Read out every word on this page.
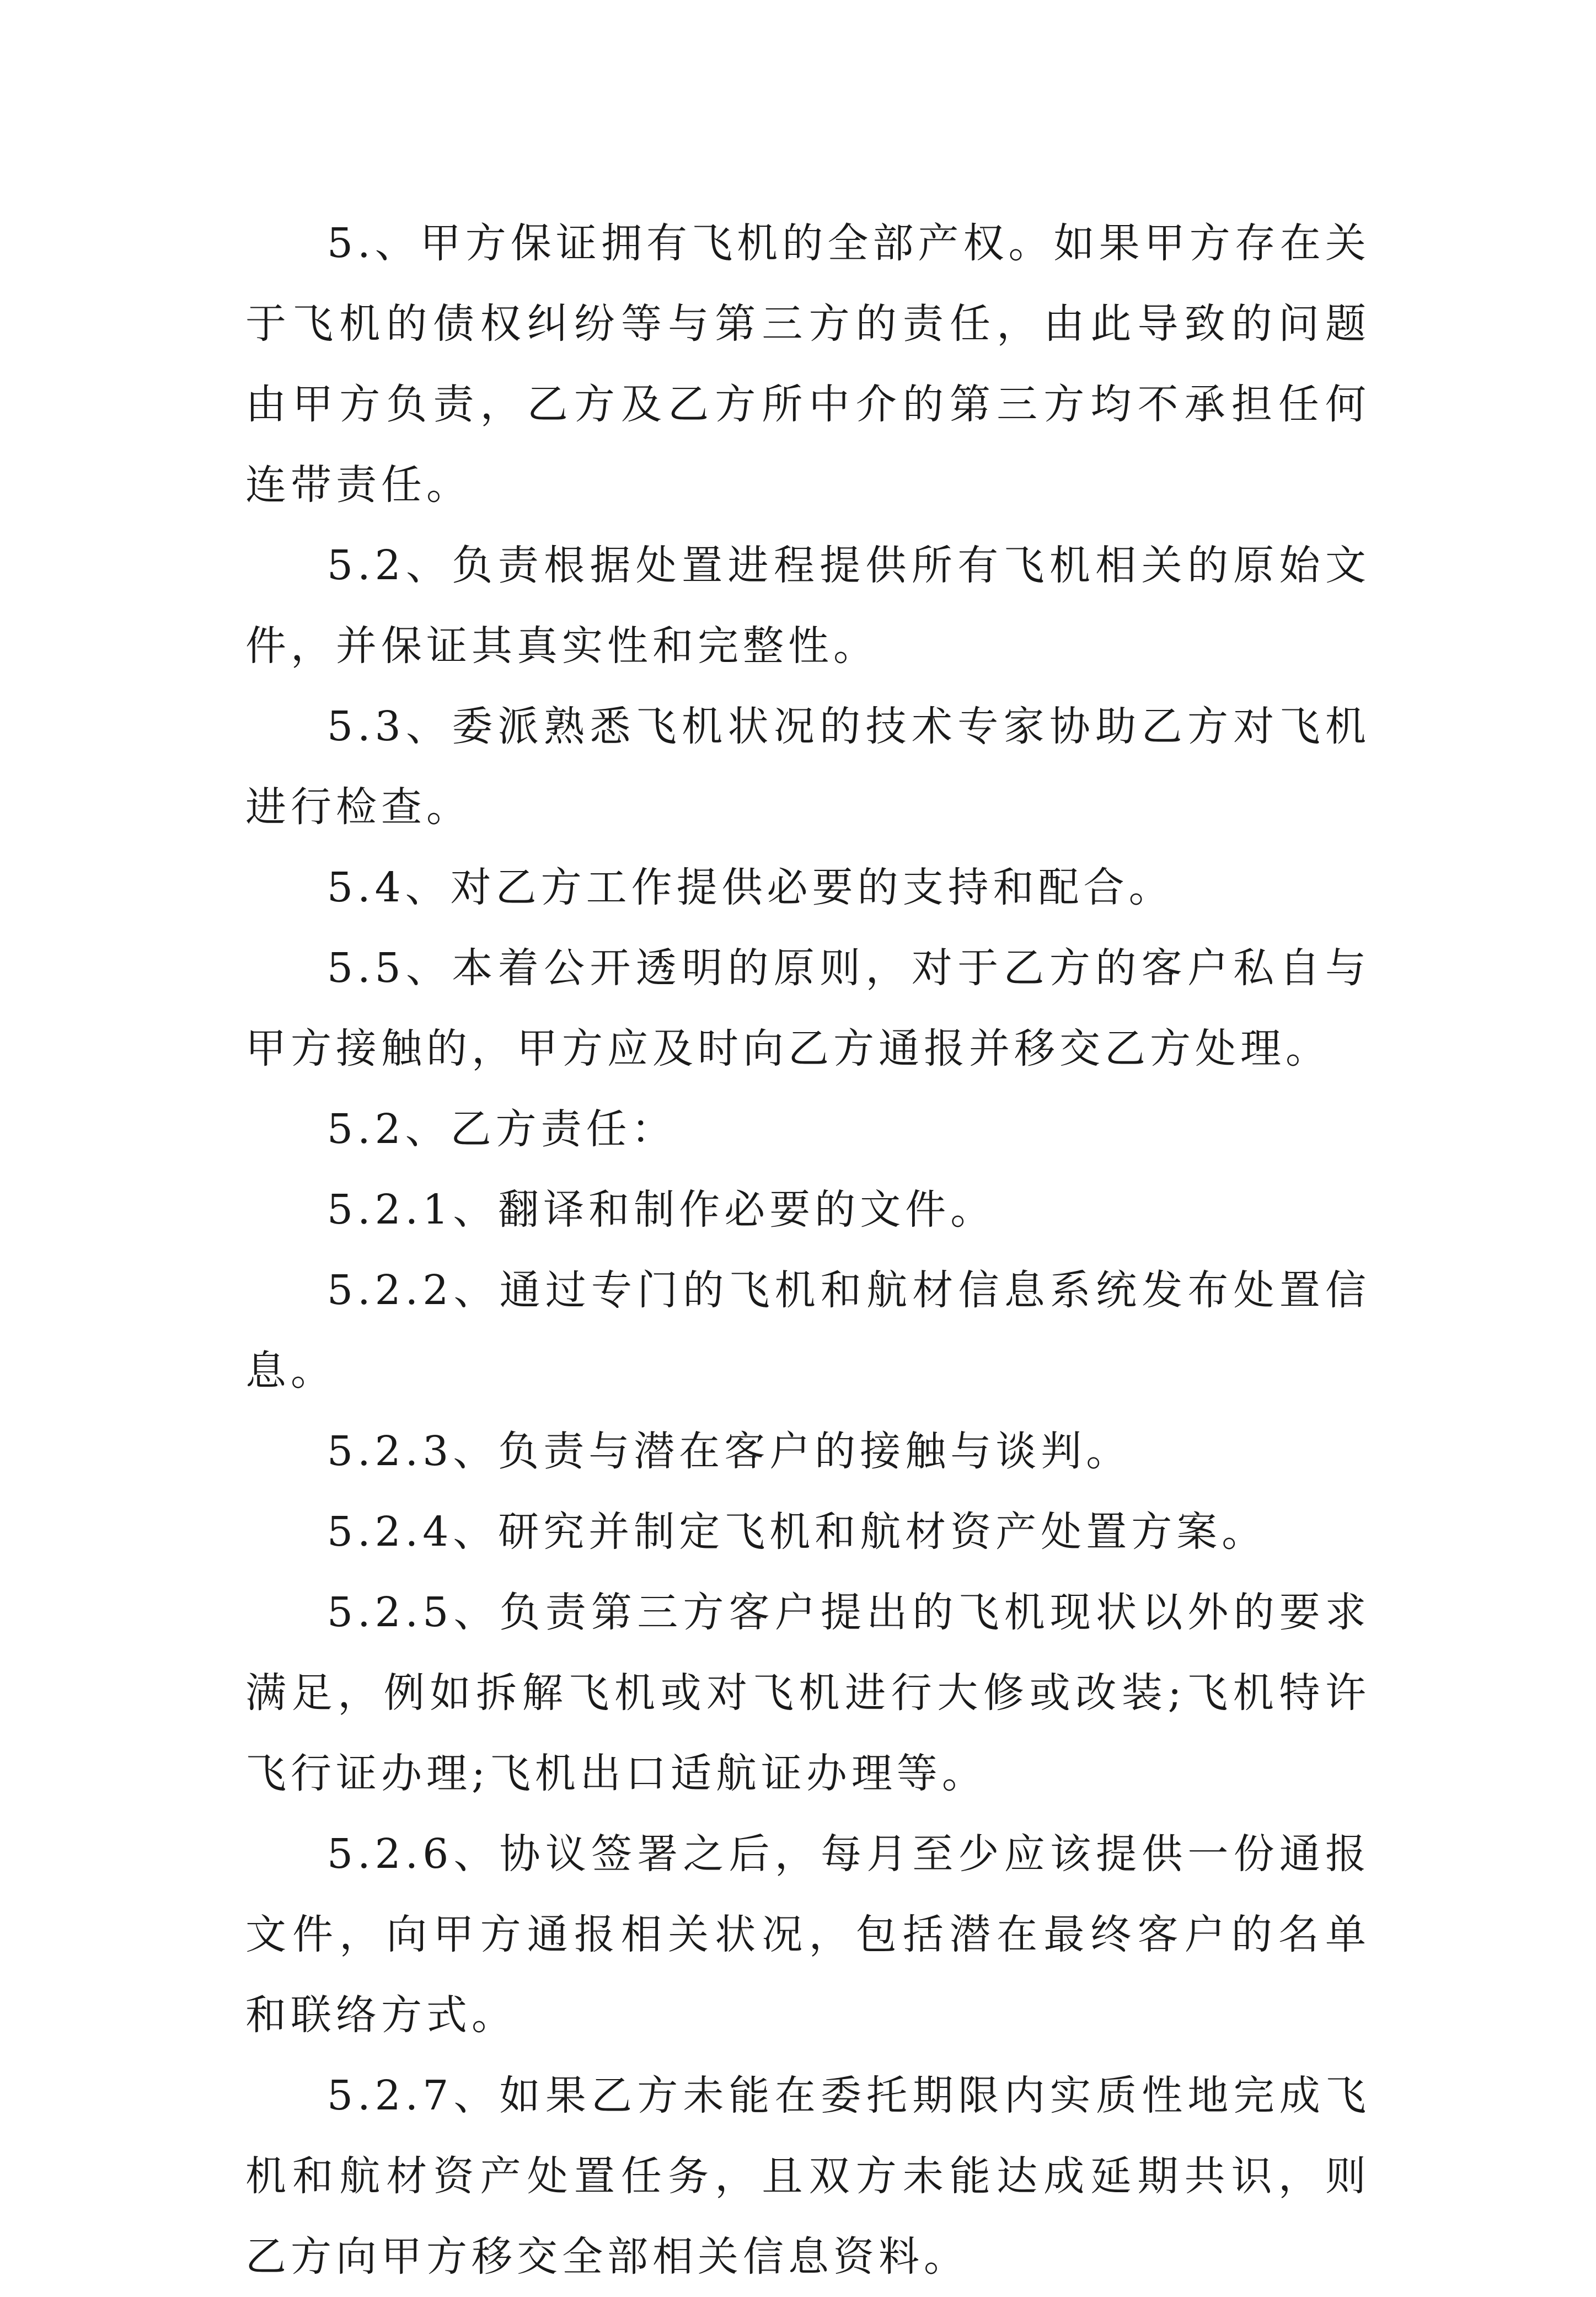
5.、甲方保证拥有飞机的全部产权。如果甲方存在关于飞机的债权纠纷等与第三方的责任，由此导致的问题由甲方负责，乙方及乙方所中介的第三方均不承担任何连带责任。

5.2、负责根据处置进程提供所有飞机相关的原始文件，并保证其真实性和完整性。

5.3、委派熟悉飞机状况的技术专家协助乙方对飞机进行检查。

5.4、对乙方工作提供必要的支持和配合。

5.5、本着公开透明的原则，对于乙方的客户私自与甲方接触的，甲方应及时向乙方通报并移交乙方处理。

5.2、乙方责任：

5.2.1、翻译和制作必要的文件。

5.2.2、通过专门的飞机和航材信息系统发布处置信息。

5.2.3、负责与潜在客户的接触与谈判。

5.2.4、研究并制定飞机和航材资产处置方案。

5.2.5、负责第三方客户提出的飞机现状以外的要求满足，例如拆解飞机或对飞机进行大修或改装;飞机特许飞行证办理;飞机出口适航证办理等。

5.2.6、协议签署之后，每月至少应该提供一份通报文件，向甲方通报相关状况，包括潜在最终客户的名单和联络方式。

5.2.7、如果乙方未能在委托期限内实质性地完成飞机和航材资产处置任务，且双方未能达成延期共识，则乙方向甲方移交全部相关信息资料。
